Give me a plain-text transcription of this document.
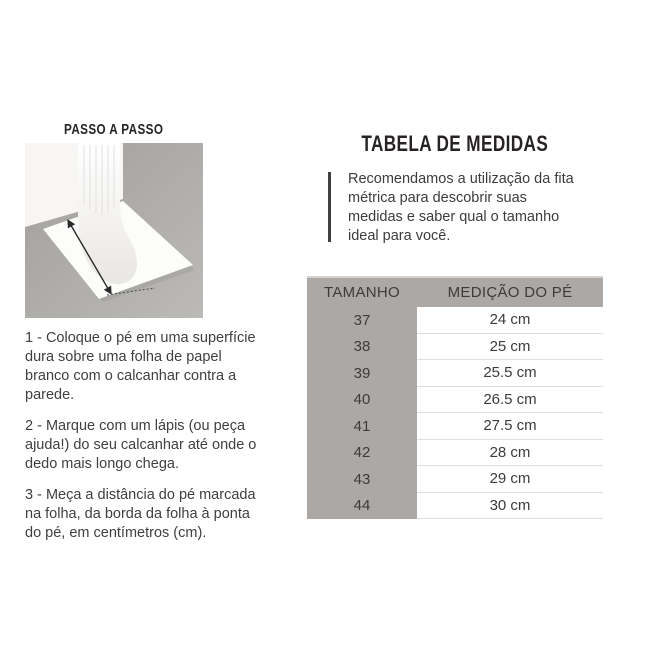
PASSO A PASSO

1 - Coloque o pé em uma superfície dura sobre uma folha de papel branco com o calcanhar contra a parede.

2 - Marque com um lápis (ou peça ajuda!) do seu calcanhar até onde o dedo mais longo chega.

3 - Meça a distância do pé marcada na folha, da borda da folha à ponta do pé, em centímetros (cm).

TABELA DE MEDIDAS
Recomendamos a utilização da fita métrica para descobrir suas medidas e saber qual o tamanho ideal para você.
TAMANHO	MEDIÇÃO DO PÉ
37	24 cm
38	25 cm
39	25.5 cm
40	26.5 cm
41	27.5 cm
42	28 cm
43	29 cm
44	30 cm
